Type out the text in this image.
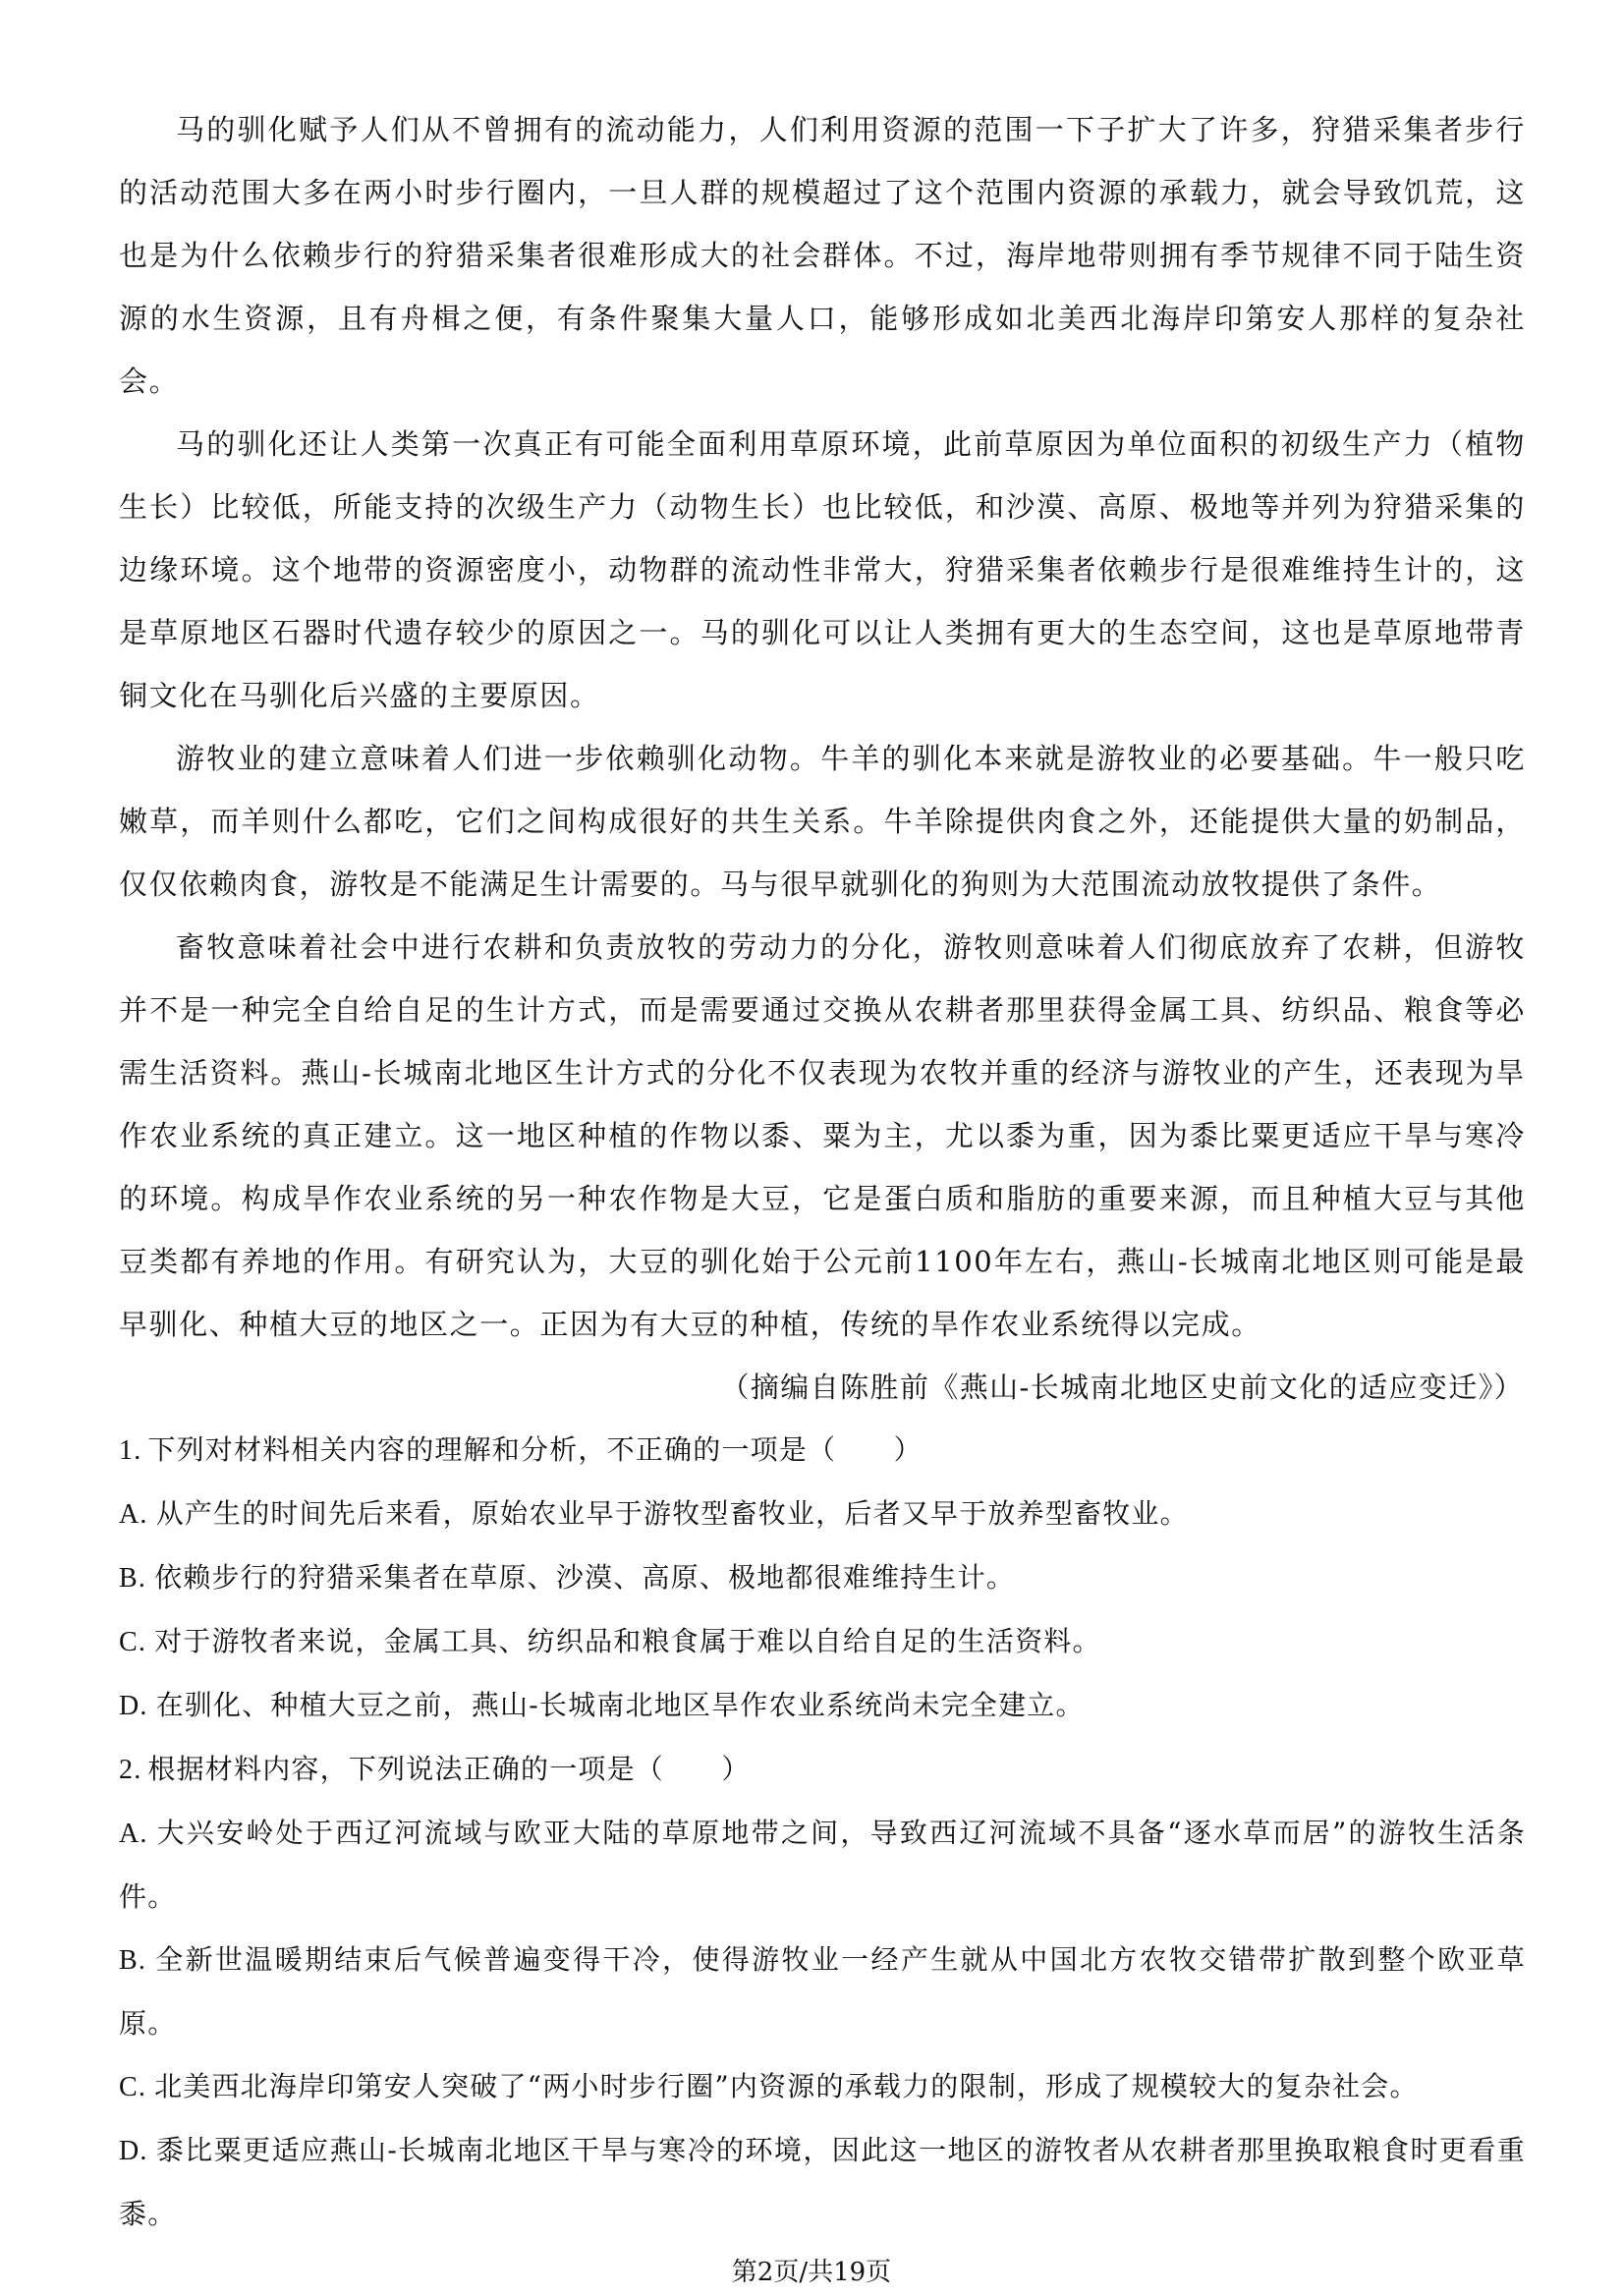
马的驯化赋予人们从不曾拥有的流动能力，人们利用资源的范围一下子扩大了许多，狩猎采集者步行的活动范围大多在两小时步行圈内，一旦人群的规模超过了这个范围内资源的承载力，就会导致饥荒，这也是为什么依赖步行的狩猎采集者很难形成大的社会群体。不过，海岸地带则拥有季节规律不同于陆生资源的水生资源，且有舟楫之便，有条件聚集大量人口，能够形成如北美西北海岸印第安人那样的复杂社会。

马的驯化还让人类第一次真正有可能全面利用草原环境，此前草原因为单位面积的初级生产力（植物生长）比较低，所能支持的次级生产力（动物生长）也比较低，和沙漠、高原、极地等并列为狩猎采集的边缘环境。这个地带的资源密度小，动物群的流动性非常大，狩猎采集者依赖步行是很难维持生计的，这是草原地区石器时代遗存较少的原因之一。马的驯化可以让人类拥有更大的生态空间，这也是草原地带青铜文化在马驯化后兴盛的主要原因。

游牧业的建立意味着人们进一步依赖驯化动物。牛羊的驯化本来就是游牧业的必要基础。牛一般只吃嫩草，而羊则什么都吃，它们之间构成很好的共生关系。牛羊除提供肉食之外，还能提供大量的奶制品，仅仅依赖肉食，游牧是不能满足生计需要的。马与很早就驯化的狗则为大范围流动放牧提供了条件。

畜牧意味着社会中进行农耕和负责放牧的劳动力的分化，游牧则意味着人们彻底放弃了农耕，但游牧并不是一种完全自给自足的生计方式，而是需要通过交换从农耕者那里获得金属工具、纺织品、粮食等必需生活资料。燕山-长城南北地区生计方式的分化不仅表现为农牧并重的经济与游牧业的产生，还表现为旱作农业系统的真正建立。这一地区种植的作物以黍、粟为主，尤以黍为重，因为黍比粟更适应干旱与寒冷的环境。构成旱作农业系统的另一种农作物是大豆，它是蛋白质和脂肪的重要来源，而且种植大豆与其他豆类都有养地的作用。有研究认为，大豆的驯化始于公元前1100年左右，燕山-长城南北地区则可能是最早驯化、种植大豆的地区之一。正因为有大豆的种植，传统的旱作农业系统得以完成。

（摘编自陈胜前《燕山-长城南北地区史前文化的适应变迁》）

1. 下列对材料相关内容的理解和分析，不正确的一项是（　　）

A. 从产生的时间先后来看，原始农业早于游牧型畜牧业，后者又早于放养型畜牧业。

B. 依赖步行的狩猎采集者在草原、沙漠、高原、极地都很难维持生计。

C. 对于游牧者来说，金属工具、纺织品和粮食属于难以自给自足的生活资料。

D. 在驯化、种植大豆之前，燕山-长城南北地区旱作农业系统尚未完全建立。

2. 根据材料内容，下列说法正确的一项是（　　）

A. 大兴安岭处于西辽河流域与欧亚大陆的草原地带之间，导致西辽河流域不具备“逐水草而居”的游牧生活条件。

B. 全新世温暖期结束后气候普遍变得干冷，使得游牧业一经产生就从中国北方农牧交错带扩散到整个欧亚草原。

C. 北美西北海岸印第安人突破了“两小时步行圈”内资源的承载力的限制，形成了规模较大的复杂社会。

D. 黍比粟更适应燕山-长城南北地区干旱与寒冷的环境，因此这一地区的游牧者从农耕者那里换取粮食时更看重黍。

第2页/共19页
